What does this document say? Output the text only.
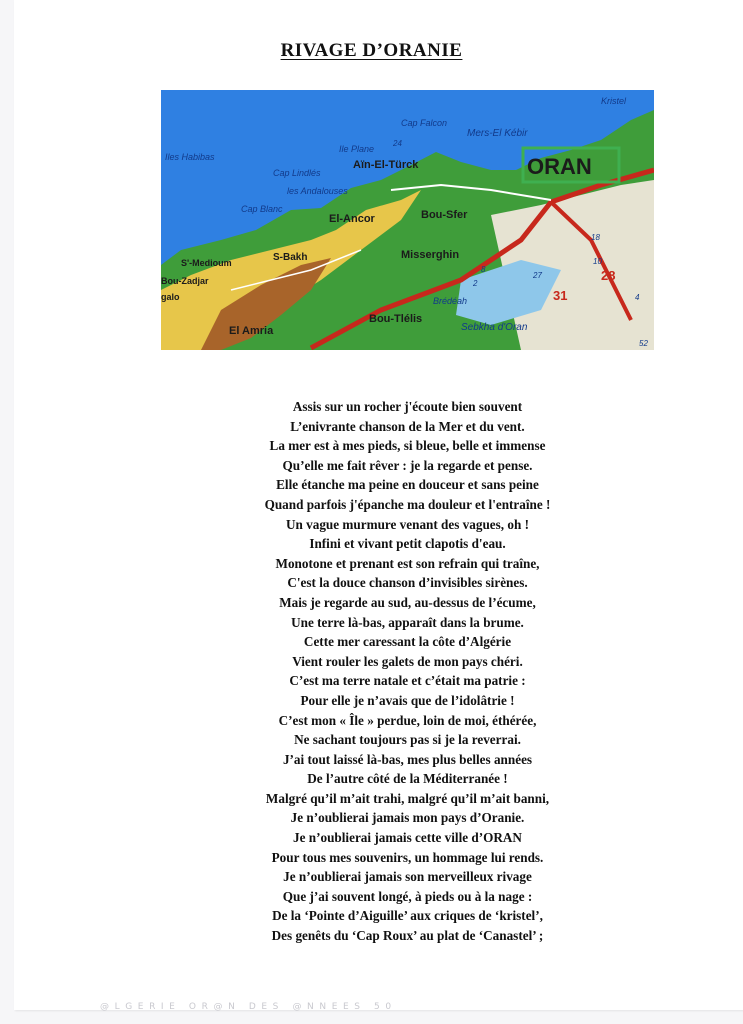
RIVAGE D’ORANIE
Iles Habibas
Cap Lindlés
les Andalouses
Cap Blanc
Ile Plane
Cap Falcon
Aïn-El-Türck
Mers-El Kébir
ORAN
Kristel
El-Ancor	Bou-Sfer
S'-Medioum
Bou-Zadjar
galo
S-Bakh	Misserghin
Brédéah
Bou-Tlélis
El Amria	Sebkha d'Oran
28
31
18
52
2
4
27
24
8
10
Assis sur un rocher j'écoute bien souvent
L’enivrante chanson de la Mer et du vent.
La mer est à mes pieds, si bleue, belle et immense
Qu’elle me fait rêver : je la regarde et pense.
Elle étanche ma peine en douceur et sans peine
Quand parfois j'épanche ma douleur et l'entraîne !
Un vague murmure venant des vagues, oh !
Infini et vivant petit clapotis d'eau.
Monotone et prenant est son refrain qui traîne,
C'est la douce chanson d’invisibles sirènes.
Mais je regarde au sud, au-dessus de l’écume,
Une terre là-bas, apparaît dans la brume.
Cette mer caressant la côte d’Algérie
Vient rouler les galets de mon pays chéri.
C’est ma terre natale et c’était ma patrie :
Pour elle je n’avais que de l’idolâtrie !
C’est mon « Île » perdue, loin de moi, éthérée,
Ne sachant toujours pas si je la reverrai.
J’ai tout laissé là-bas, mes plus belles années
De l’autre côté de la Méditerranée !
Malgré qu’il m’ait trahi, malgré qu’il m’ait banni,
Je n’oublierai jamais mon pays d’Oranie.
Je n’oublierai jamais cette ville d’ORAN
Pour tous mes souvenirs, un hommage lui rends.
Je n’oublierai jamais son merveilleux rivage
Que j’ai souvent longé, à pieds ou à la nage :
De la ‘Pointe d’Aiguille’ aux criques de ‘kristel’,
Des genêts du ‘Cap Roux’ au plat de ‘Canastel’ ;
@LGERIE OR@N DES @NNEES 50
